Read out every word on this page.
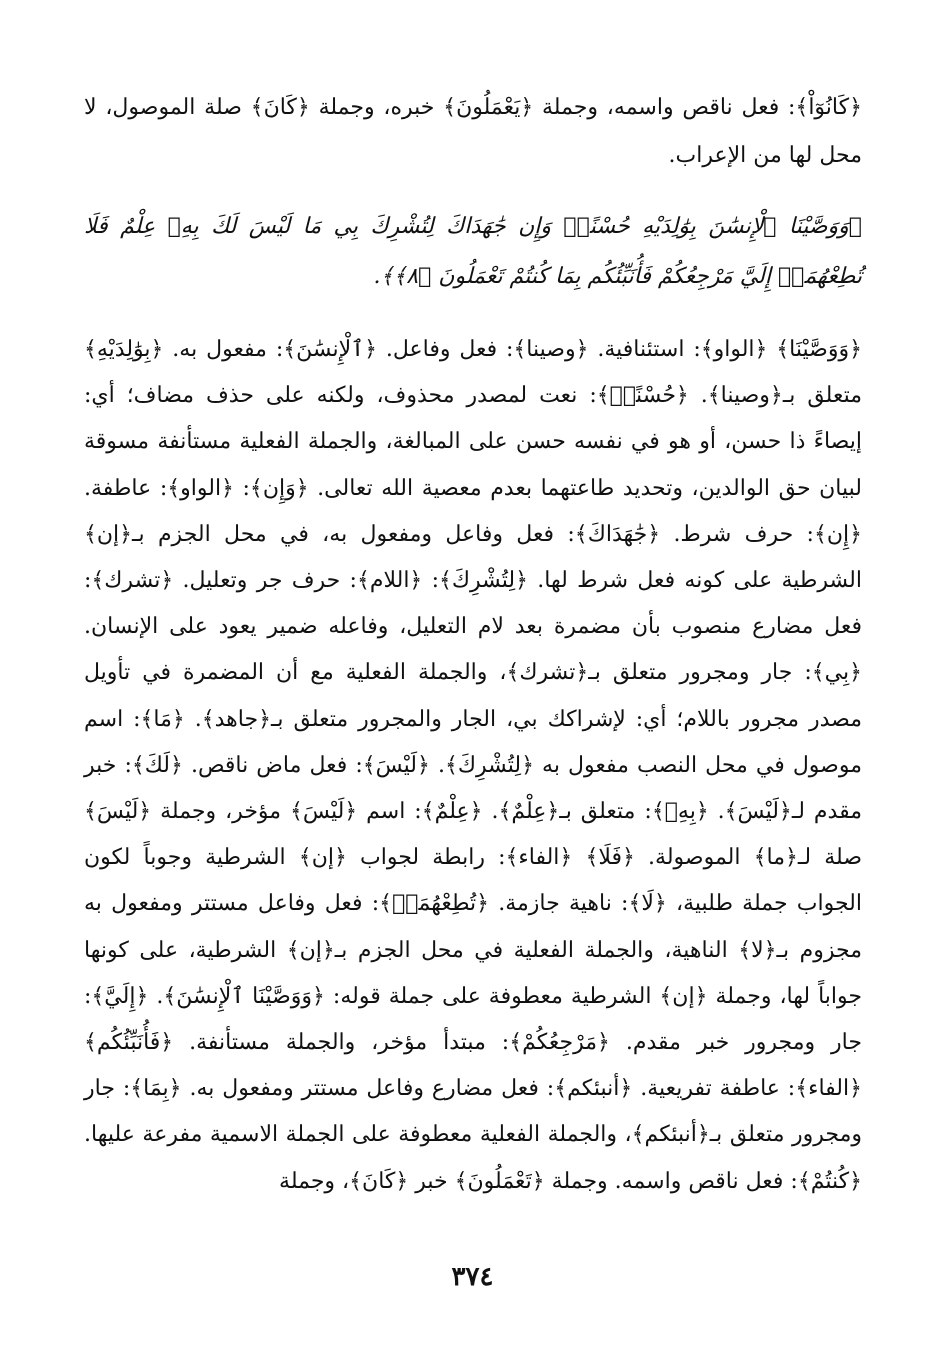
﴿كَانُوٓاْ﴾: فعل ناقص واسمه، وجملة ﴿يَعْمَلُونَ﴾ خبره، وجملة ﴿كَانَ﴾ صلة الموصول، لا محل لها من الإعراب.

﴿وَوَصَّيْنَا ٱلْإِنسَٰنَ بِوَٰلِدَيْهِ حُسْنًاۖ وَإِن جَٰهَدَاكَ لِتُشْرِكَ بِي مَا لَيْسَ لَكَ بِهِۦ عِلْمٌ فَلَا تُطِعْهُمَآۚ إِلَيَّ مَرْجِعُكُمْ فَأُنَبِّئُكُم بِمَا كُنتُمْ تَعْمَلُونَ ﴿٨﴾﴾.

﴿وَوَصَّيْنَا﴾ ﴿الواو﴾: استئنافية. ﴿وصينا﴾: فعل وفاعل. ﴿ٱلْإِنسَٰنَ﴾: مفعول به. ﴿بِوَٰلِدَيْهِ﴾ متعلق بـ﴿وصينا﴾. ﴿حُسْنًاۖ﴾: نعت لمصدر محذوف، ولكنه على حذف مضاف؛ أي: إيصاءً ذا حسن، أو هو في نفسه حسن على المبالغة، والجملة الفعلية مستأنفة مسوقة لبيان حق الوالدين، وتحديد طاعتهما بعدم معصية الله تعالى. ﴿وَإِن﴾: ﴿الواو﴾: عاطفة. ﴿إِن﴾: حرف شرط. ﴿جَٰهَدَاكَ﴾: فعل وفاعل ومفعول به، في محل الجزم بـ﴿إن﴾ الشرطية على كونه فعل شرط لها. ﴿لِتُشْرِكَ﴾: ﴿اللام﴾: حرف جر وتعليل. ﴿تشرك﴾: فعل مضارع منصوب بأن مضمرة بعد لام التعليل، وفاعله ضمير يعود على الإنسان. ﴿بِي﴾: جار ومجرور متعلق بـ﴿تشرك﴾، والجملة الفعلية مع أن المضمرة في تأويل مصدر مجرور باللام؛ أي: لإشراكك بي، الجار والمجرور متعلق بـ﴿جاهد﴾. ﴿مَا﴾: اسم موصول في محل النصب مفعول به ﴿لِتُشْرِكَ﴾. ﴿لَيْسَ﴾: فعل ماض ناقص. ﴿لَكَ﴾: خبر مقدم لـ﴿لَيْسَ﴾. ﴿بِهِۦ﴾: متعلق بـ﴿عِلْمٌ﴾. ﴿عِلْمٌ﴾: اسم ﴿لَيْسَ﴾ مؤخر، وجملة ﴿لَيْسَ﴾ صلة لـ﴿ما﴾ الموصولة. ﴿فَلَا﴾ ﴿الفاء﴾: رابطة لجواب ﴿إن﴾ الشرطية وجوباً لكون الجواب جملة طلبية، ﴿لَا﴾: ناهية جازمة. ﴿تُطِعْهُمَآۚ﴾: فعل وفاعل مستتر ومفعول به مجزوم بـ﴿لا﴾ الناهية، والجملة الفعلية في محل الجزم بـ﴿إن﴾ الشرطية، على كونها جواباً لها، وجملة ﴿إن﴾ الشرطية معطوفة على جملة قوله: ﴿وَوَصَّيْنَا ٱلْإِنسَٰنَ﴾. ﴿إِلَيَّ﴾: جار ومجرور خبر مقدم. ﴿مَرْجِعُكُمْ﴾: مبتدأ مؤخر، والجملة مستأنفة. ﴿فَأُنَبِّئُكُم﴾ ﴿الفاء﴾: عاطفة تفريعية. ﴿أنبئكم﴾: فعل مضارع وفاعل مستتر ومفعول به. ﴿بِمَا﴾: جار ومجرور متعلق بـ﴿أنبئكم﴾، والجملة الفعلية معطوفة على الجملة الاسمية مفرعة عليها. ﴿كُنتُمْ﴾: فعل ناقص واسمه. وجملة ﴿تَعْمَلُونَ﴾ خبر ﴿كَانَ﴾، وجملة

٣٧٤
